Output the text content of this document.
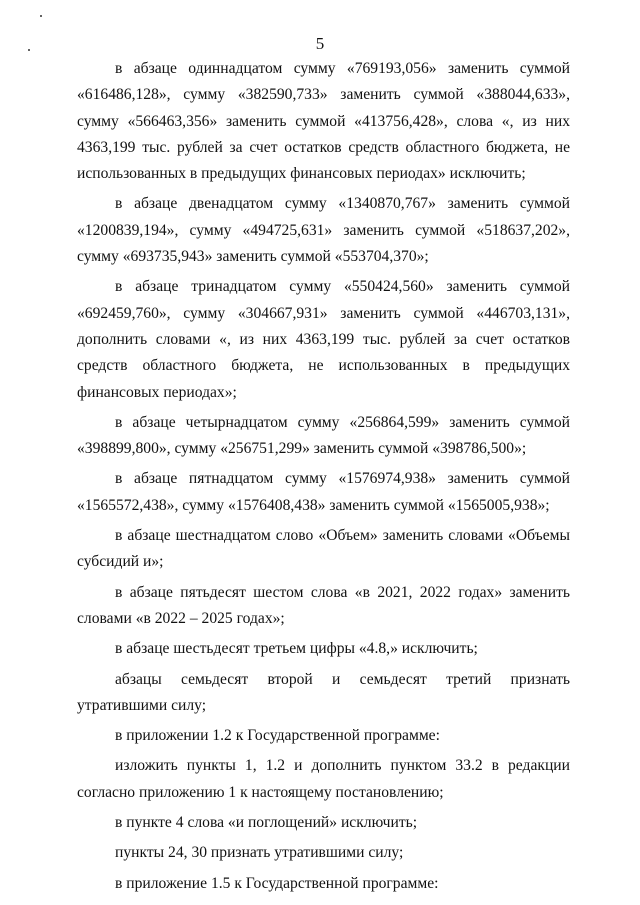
5

в абзаце одиннадцатом сумму «769193,056» заменить суммой «616486,128», сумму «382590,733» заменить суммой «388044,633», сумму «566463,356» заменить суммой «413756,428», слова «, из них 4363,199 тыс. рублей за счет остатков средств областного бюджета, не использованных в предыдущих финансовых периодах» исключить;

в абзаце двенадцатом сумму «1340870,767» заменить суммой «1200839,194», сумму «494725,631» заменить суммой «518637,202», сумму «693735,943» заменить суммой «553704,370»;

в абзаце тринадцатом сумму «550424,560» заменить суммой «692459,760», сумму «304667,931» заменить суммой «446703,131», дополнить словами «, из них 4363,199 тыс. рублей за счет остатков средств областного бюджета, не использованных в предыдущих финансовых периодах»;

в абзаце четырнадцатом сумму «256864,599» заменить суммой «398899,800», сумму «256751,299» заменить суммой «398786,500»;

в абзаце пятнадцатом сумму «1576974,938» заменить суммой «1565572,438», сумму «1576408,438» заменить суммой «1565005,938»;

в абзаце шестнадцатом слово «Объем» заменить словами «Объемы субсидий и»;

в абзаце пятьдесят шестом слова «в 2021, 2022 годах» заменить словами «в 2022 – 2025 годах»;

в абзаце шестьдесят третьем цифры «4.8,» исключить;

абзацы семьдесят второй и семьдесят третий признать утратившими силу;

в приложении 1.2 к Государственной программе:

изложить пункты 1, 1.2 и дополнить пунктом 33.2 в редакции согласно приложению 1 к настоящему постановлению;

в пункте 4 слова «и поглощений» исключить;

пункты 24, 30 признать утратившими силу;

в приложение 1.5 к Государственной программе:
